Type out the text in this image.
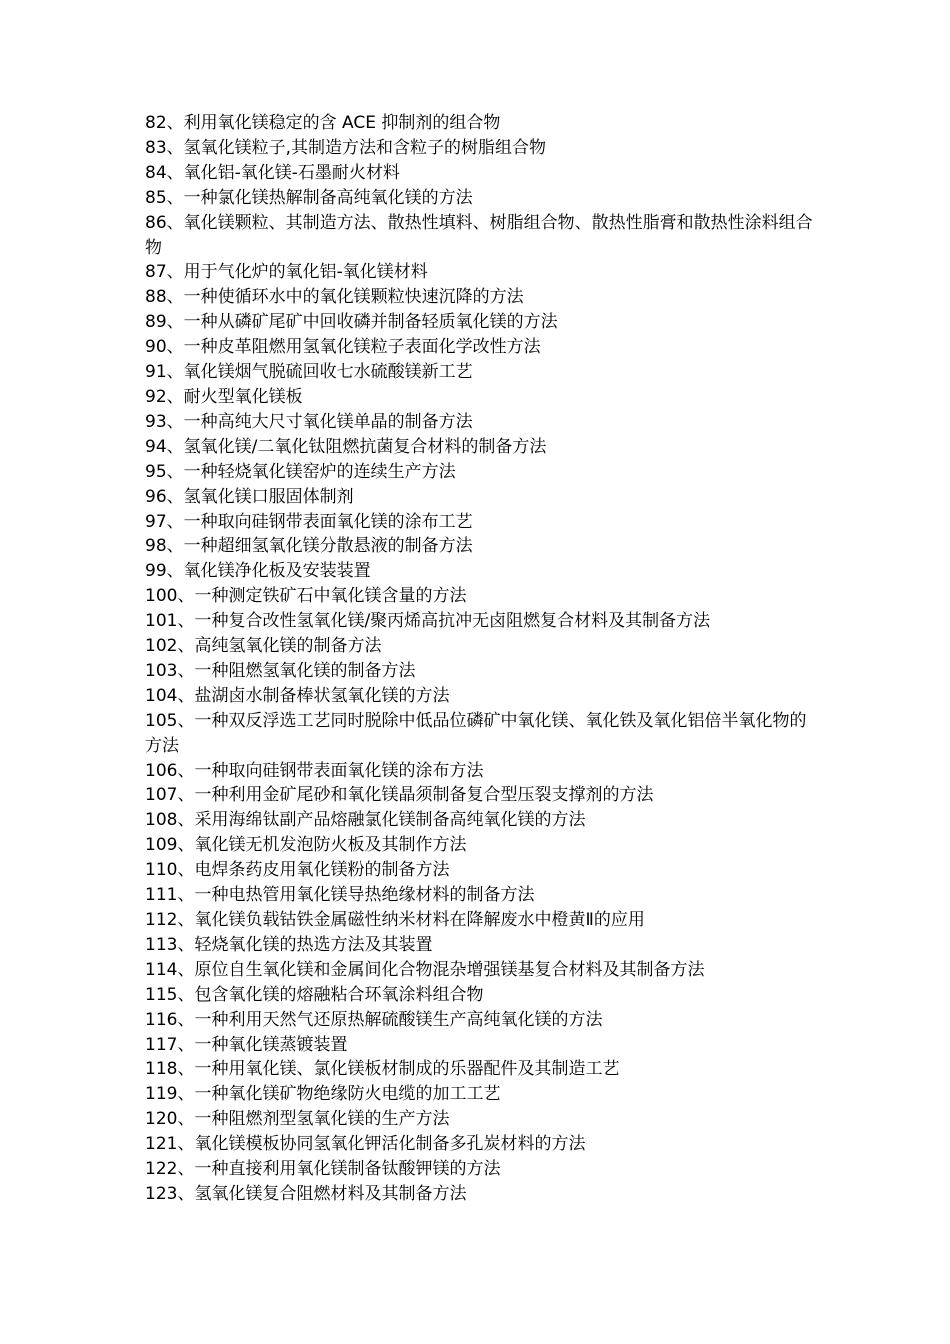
82、利用氧化镁稳定的含 ACE 抑制剂的组合物
83、氢氧化镁粒子,其制造方法和含粒子的树脂组合物
84、氧化铝-氧化镁-石墨耐火材料
85、一种氯化镁热解制备高纯氧化镁的方法
86、氧化镁颗粒、其制造方法、散热性填料、树脂组合物、散热性脂膏和散热性涂料组合物
87、用于气化炉的氧化铝-氧化镁材料
88、一种使循环水中的氧化镁颗粒快速沉降的方法
89、一种从磷矿尾矿中回收磷并制备轻质氧化镁的方法
90、一种皮革阻燃用氢氧化镁粒子表面化学改性方法
91、氧化镁烟气脱硫回收七水硫酸镁新工艺
92、耐火型氧化镁板
93、一种高纯大尺寸氧化镁单晶的制备方法
94、氢氧化镁/二氧化钛阻燃抗菌复合材料的制备方法
95、一种轻烧氧化镁窑炉的连续生产方法
96、氢氧化镁口服固体制剂
97、一种取向硅钢带表面氧化镁的涂布工艺
98、一种超细氢氧化镁分散悬液的制备方法
99、氧化镁净化板及安装装置
100、一种测定铁矿石中氧化镁含量的方法
101、一种复合改性氢氧化镁/聚丙烯高抗冲无卤阻燃复合材料及其制备方法
102、高纯氢氧化镁的制备方法
103、一种阻燃氢氧化镁的制备方法
104、盐湖卤水制备棒状氢氧化镁的方法
105、一种双反浮选工艺同时脱除中低品位磷矿中氧化镁、氧化铁及氧化铝倍半氧化物的方法
106、一种取向硅钢带表面氧化镁的涂布方法
107、一种利用金矿尾砂和氧化镁晶须制备复合型压裂支撑剂的方法
108、采用海绵钛副产品熔融氯化镁制备高纯氧化镁的方法
109、氧化镁无机发泡防火板及其制作方法
110、电焊条药皮用氧化镁粉的制备方法
111、一种电热管用氧化镁导热绝缘材料的制备方法
112、氧化镁负载钴铁金属磁性纳米材料在降解废水中橙黄Ⅱ的应用
113、轻烧氧化镁的热选方法及其装置
114、原位自生氧化镁和金属间化合物混杂增强镁基复合材料及其制备方法
115、包含氧化镁的熔融粘合环氧涂料组合物
116、一种利用天然气还原热解硫酸镁生产高纯氧化镁的方法
117、一种氧化镁蒸镀装置
118、一种用氧化镁、氯化镁板材制成的乐器配件及其制造工艺
119、一种氧化镁矿物绝缘防火电缆的加工工艺
120、一种阻燃剂型氢氧化镁的生产方法
121、氧化镁模板协同氢氧化钾活化制备多孔炭材料的方法
122、一种直接利用氧化镁制备钛酸钾镁的方法
123、氢氧化镁复合阻燃材料及其制备方法
